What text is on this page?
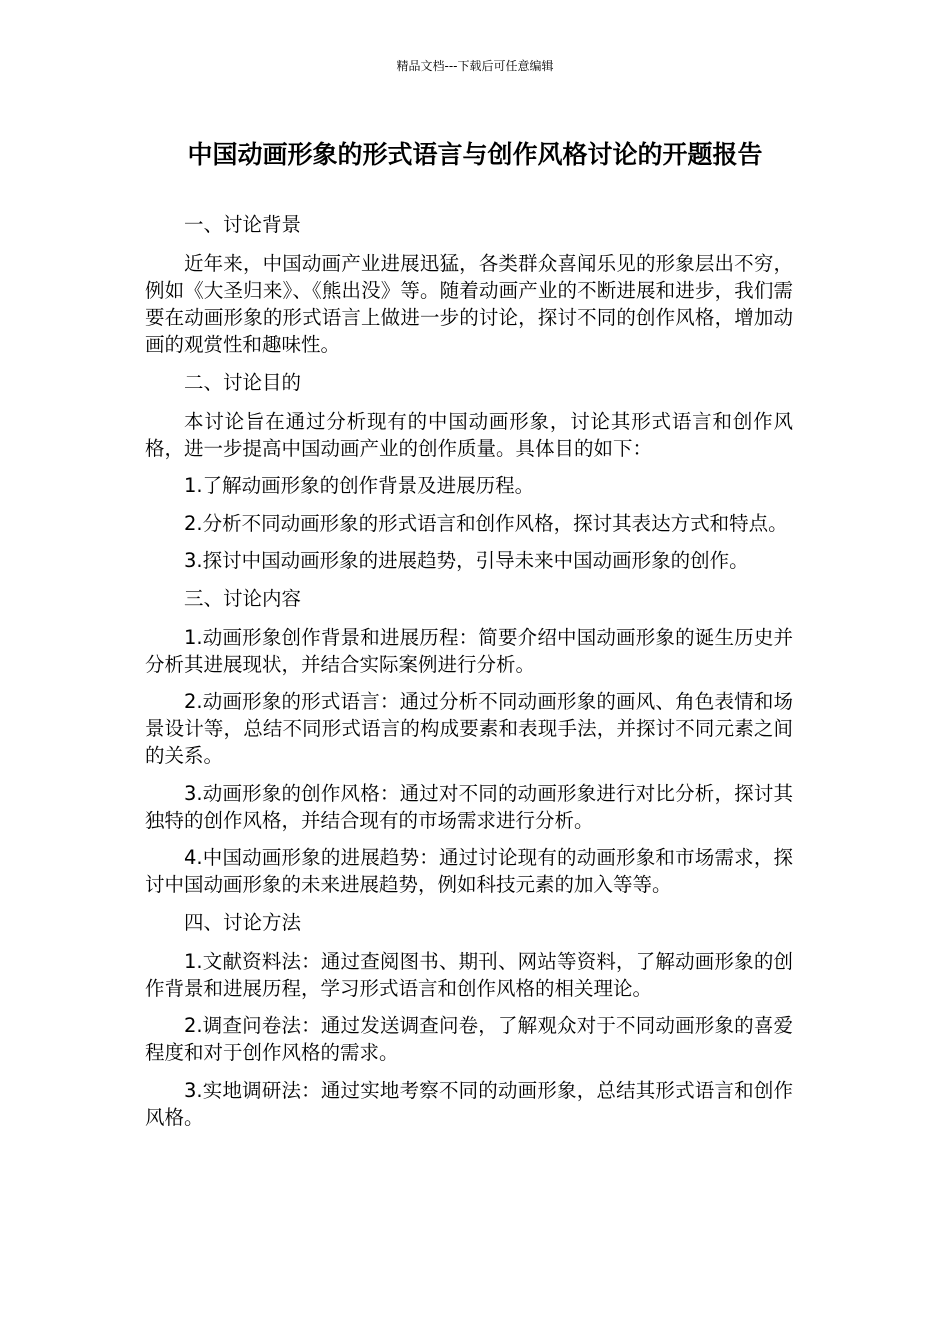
精品文档---下载后可任意编辑
中国动画形象的形式语言与创作风格讨论的开题报告

一、讨论背景

近年来，中国动画产业进展迅猛，各类群众喜闻乐见的形象层出不穷，例如《大圣归来》、《熊出没》等。随着动画产业的不断进展和进步，我们需要在动画形象的形式语言上做进一步的讨论，探讨不同的创作风格，增加动画的观赏性和趣味性。

二、讨论目的

本讨论旨在通过分析现有的中国动画形象，讨论其形式语言和创作风格，进一步提高中国动画产业的创作质量。具体目的如下：

1.了解动画形象的创作背景及进展历程。

2.分析不同动画形象的形式语言和创作风格，探讨其表达方式和特点。

3.探讨中国动画形象的进展趋势，引导未来中国动画形象的创作。

三、讨论内容

1.动画形象创作背景和进展历程：简要介绍中国动画形象的诞生历史并分析其进展现状，并结合实际案例进行分析。

2.动画形象的形式语言：通过分析不同动画形象的画风、角色表情和场景设计等，总结不同形式语言的构成要素和表现手法，并探讨不同元素之间的关系。

3.动画形象的创作风格：通过对不同的动画形象进行对比分析，探讨其独特的创作风格，并结合现有的市场需求进行分析。

4.中国动画形象的进展趋势：通过讨论现有的动画形象和市场需求，探讨中国动画形象的未来进展趋势，例如科技元素的加入等等。

四、讨论方法

1.文献资料法：通过查阅图书、期刊、网站等资料，了解动画形象的创作背景和进展历程，学习形式语言和创作风格的相关理论。

2.调查问卷法：通过发送调查问卷，了解观众对于不同动画形象的喜爱程度和对于创作风格的需求。

3.实地调研法：通过实地考察不同的动画形象，总结其形式语言和创作风格。
